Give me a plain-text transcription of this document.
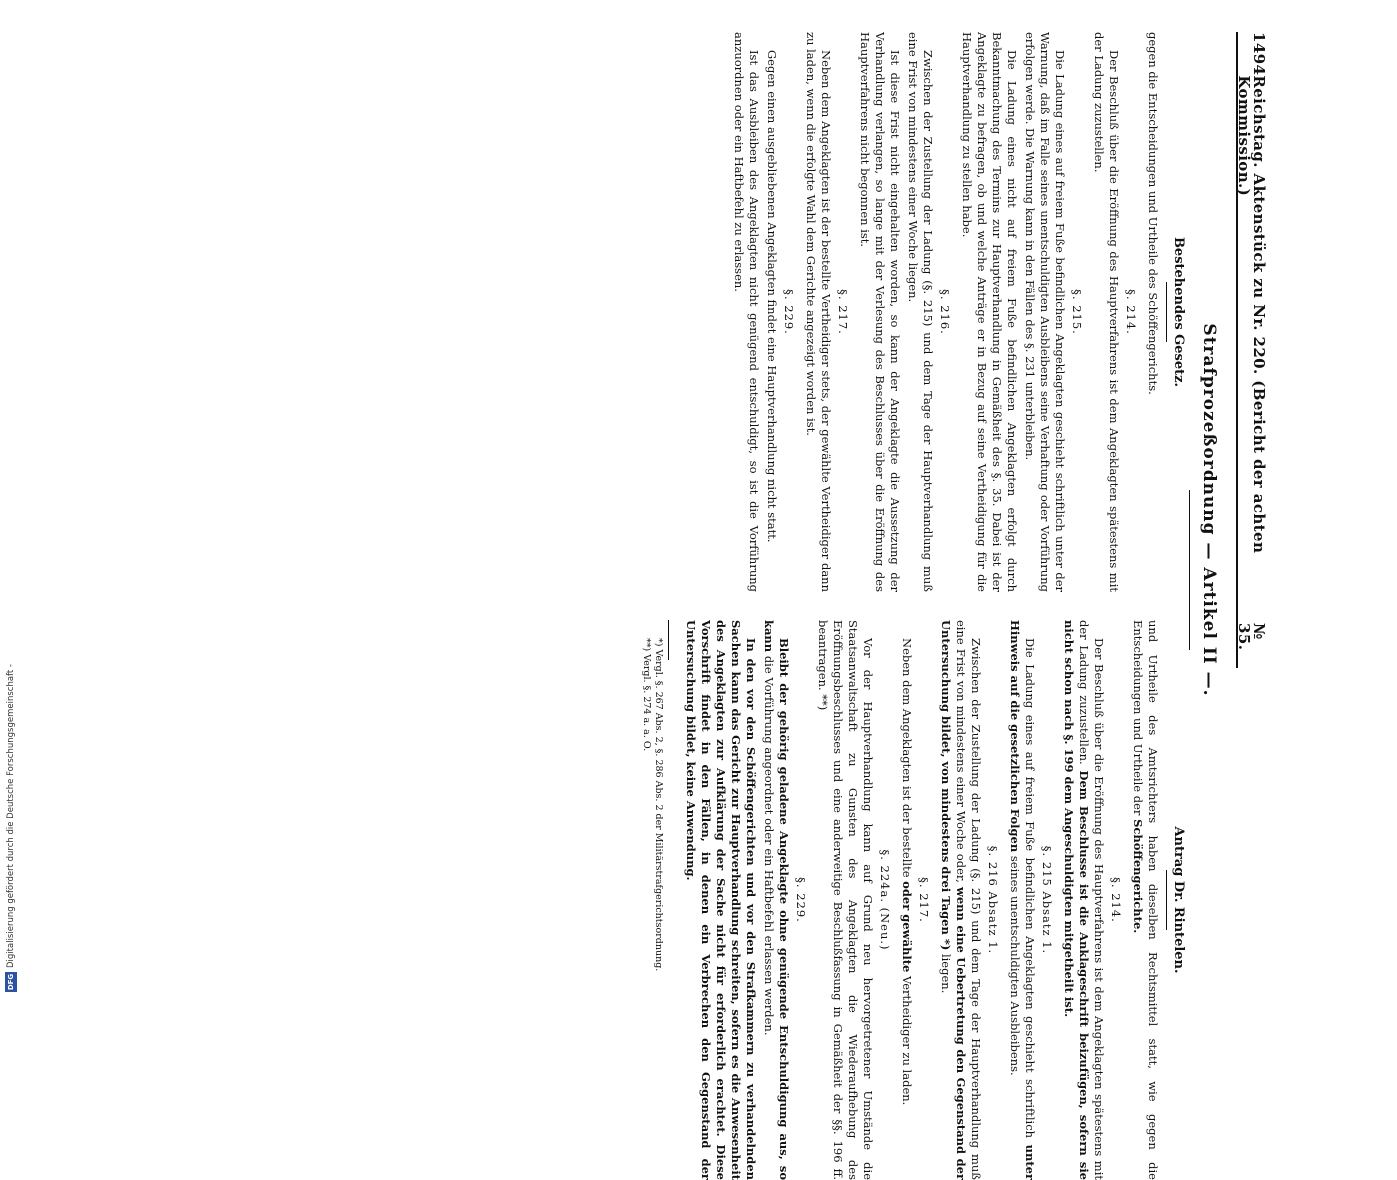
1494
Reichstag. Aktenstück zu Nr. 220. (Bericht der achten Kommission.)
№ 35.
Strafprozeßordnung — Artikel II —.
Bestehendes Gesetz.

gegen die Entscheidungen und Urtheile des Schöffengerichts.

§. 214.

Der Beschluß über die Eröffnung des Hauptverfahrens ist dem Angeklagten spätestens mit der Ladung zuzustellen.

§. 215.

Die Ladung eines auf freiem Fuße befindlichen Angeklagten geschieht schriftlich unter der Warnung, daß im Falle seines unentschuldigten Ausbleibens seine Verhaftung oder Vorführung erfolgen werde. Die Warnung kann in den Fällen des §. 231 unterbleiben.

Die Ladung eines nicht auf freiem Fuße befindlichen Angeklagten erfolgt durch Bekanntmachung des Termins zur Hauptverhandlung in Gemäßheit des §. 35. Dabei ist der Angeklagte zu befragen, ob und welche Anträge er in Bezug auf seine Vertheidigung für die Hauptverhandlung zu stellen habe.

§. 216.

Zwischen der Zustellung der Ladung (§. 215) und dem Tage der Hauptverhandlung muß eine Frist von mindestens einer Woche liegen.

Ist diese Frist nicht eingehalten worden, so kann der Angeklagte die Aussetzung der Verhandlung verlangen, so lange mit der Verlesung des Beschlusses über die Eröffnung des Hauptverfahrens nicht begonnen ist.

§. 217.

Neben dem Angeklagten ist der bestellte Vertheidiger stets, der gewählte Vertheidiger dann zu laden, wenn die erfolgte Wahl dem Gerichte angezeigt worden ist.

§. 229.

Gegen einen ausgebliebenen Angeklagten findet eine Hauptverhandlung nicht statt.

Ist das Ausbleiben des Angeklagten nicht genügend entschuldigt, so ist die Vorführung anzuordnen oder ein Haftbefehl zu erlassen.

Antrag Dr. Rintelen.

und Urtheile des Amtsrichters haben dieselben Rechtsmittel statt, wie gegen die Entscheidungen und Urtheile der Schöffengerichte.

§. 214.

Der Beschluß über die Eröffnung des Hauptverfahrens ist dem Angeklagten spätestens mit der Ladung zuzustellen. Dem Beschlusse ist die Anklageschrift beizufügen, sofern sie nicht schon nach §. 199 dem Angeschuldigten mitgetheilt ist.

§. 215 Absatz 1.

Die Ladung eines auf freiem Fuße befindlichen Angeklagten geschieht schriftlich unter Hinweis auf die gesetzlichen Folgen seines unentschuldigten Ausbleibens.

§. 216 Absatz 1.

Zwischen der Zustellung der Ladung (§. 215) und dem Tage der Hauptverhandlung muß eine Frist von mindestens einer Woche oder, wenn eine Uebertretung den Gegenstand der Untersuchung bildet, von mindestens drei Tagen *) liegen.

§. 217.

Neben dem Angeklagten ist der bestellte oder gewählte Vertheidiger zu laden.

§. 224a. (Neu.)

Vor der Hauptverhandlung kann auf Grund neu hervorgetretener Umstände die Staatsanwaltschaft zu Gunsten des Angeklagten die Wiederaufhebung des Eröffnungsbeschlusses und eine anderweitige Beschlußfassung in Gemäßheit der §§. 196 ff. beantragen. **)

§. 229.

Bleibt der gehörig geladene Angeklagte ohne genügende Entschuldigung aus, so kann die Vorführung angeordnet oder ein Haftbefehl erlassen werden.

In den vor den Schöffengerichten und vor den Strafkammern zu verhandelnden Sachen kann das Gericht zur Hauptverhandlung schreiten, sofern es die Anwesenheit des Angeklagten zur Aufklärung der Sache nicht für erforderlich erachtet. Diese Vorschrift findet in den Fällen, in denen ein Verbrechen den Gegenstand der Untersuchung bildet, keine Anwendung.

*) Vergl. §. 267 Abs. 2, §. 286 Abs. 2 der Militärstrafgerichtsordnung.

**) Vergl. §. 274 a. a. O.

DFG
Digitalisierung gefördert durch die Deutsche Forschungsgemeinschaft -
